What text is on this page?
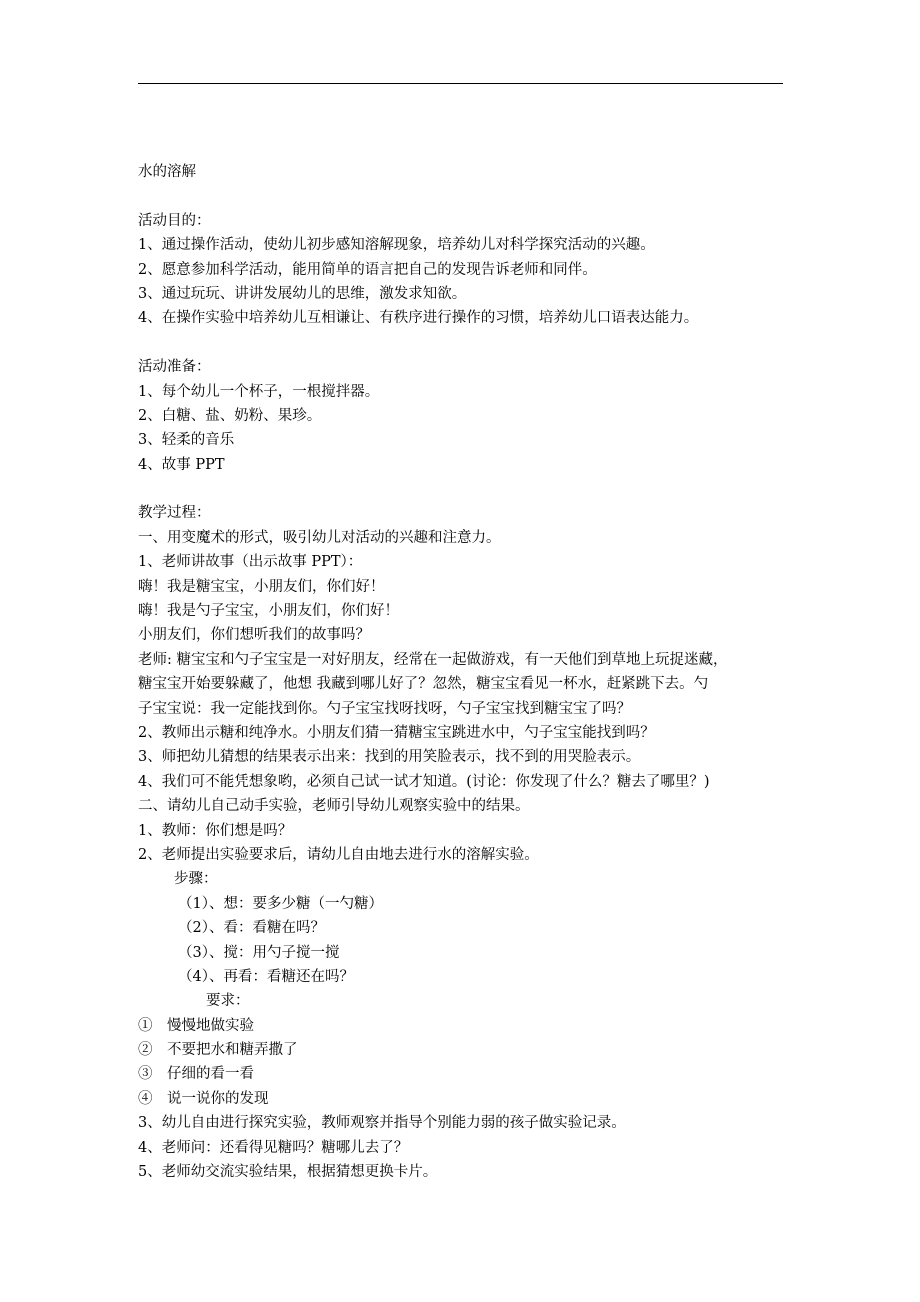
水的溶解
活动目的：
1、通过操作活动，使幼儿初步感知溶解现象，培养幼儿对科学探究活动的兴趣。
2、愿意参加科学活动，能用简单的语言把自己的发现告诉老师和同伴。
3、通过玩玩、讲讲发展幼儿的思维，激发求知欲。
4、在操作实验中培养幼儿互相谦让、有秩序进行操作的习惯，培养幼儿口语表达能力。
活动准备：
1、每个幼儿一个杯子，一根搅拌器。
2、白糖、盐、奶粉、果珍。
3、轻柔的音乐
4、故事 PPT
教学过程：
一、用变魔术的形式，吸引幼儿对活动的兴趣和注意力。
1、老师讲故事（出示故事 PPT）：
嗨！我是糖宝宝，小朋友们，你们好！
嗨！我是勺子宝宝，小朋友们，你们好！
小朋友们，你们想听我们的故事吗？
老师: 糖宝宝和勺子宝宝是一对好朋友，经常在一起做游戏，有一天他们到草地上玩捉迷藏，
糖宝宝开始要躲藏了，他想 我藏到哪儿好了？忽然，糖宝宝看见一杯水，赶紧跳下去。勺
子宝宝说：我一定能找到你。勺子宝宝找呀找呀，勺子宝宝找到糖宝宝了吗？
2、教师出示糖和纯净水。小朋友们猜一猜糖宝宝跳进水中，勺子宝宝能找到吗？
3、师把幼儿猜想的结果表示出来：找到的用笑脸表示，找不到的用哭脸表示。
4、我们可不能凭想象哟，必须自己试一试才知道。(讨论：你发现了什么？糖去了哪里？)
二、请幼儿自己动手实验，老师引导幼儿观察实验中的结果。
1、教师：你们想是吗？
2、老师提出实验要求后，请幼儿自由地去进行水的溶解实验。
步骤：
（1）、想：要多少糖（一勺糖）
（2）、看：看糖在吗？
（3）、搅：用勺子搅一搅
（4）、再看：看糖还在吗？
要求：
①　慢慢地做实验
②　不要把水和糖弄撒了
③　仔细的看一看
④　说一说你的发现
3、幼儿自由进行探究实验，教师观察并指导个别能力弱的孩子做实验记录。
4、老师问：还看得见糖吗？糖哪儿去了？
5、老师幼交流实验结果，根据猜想更换卡片。
